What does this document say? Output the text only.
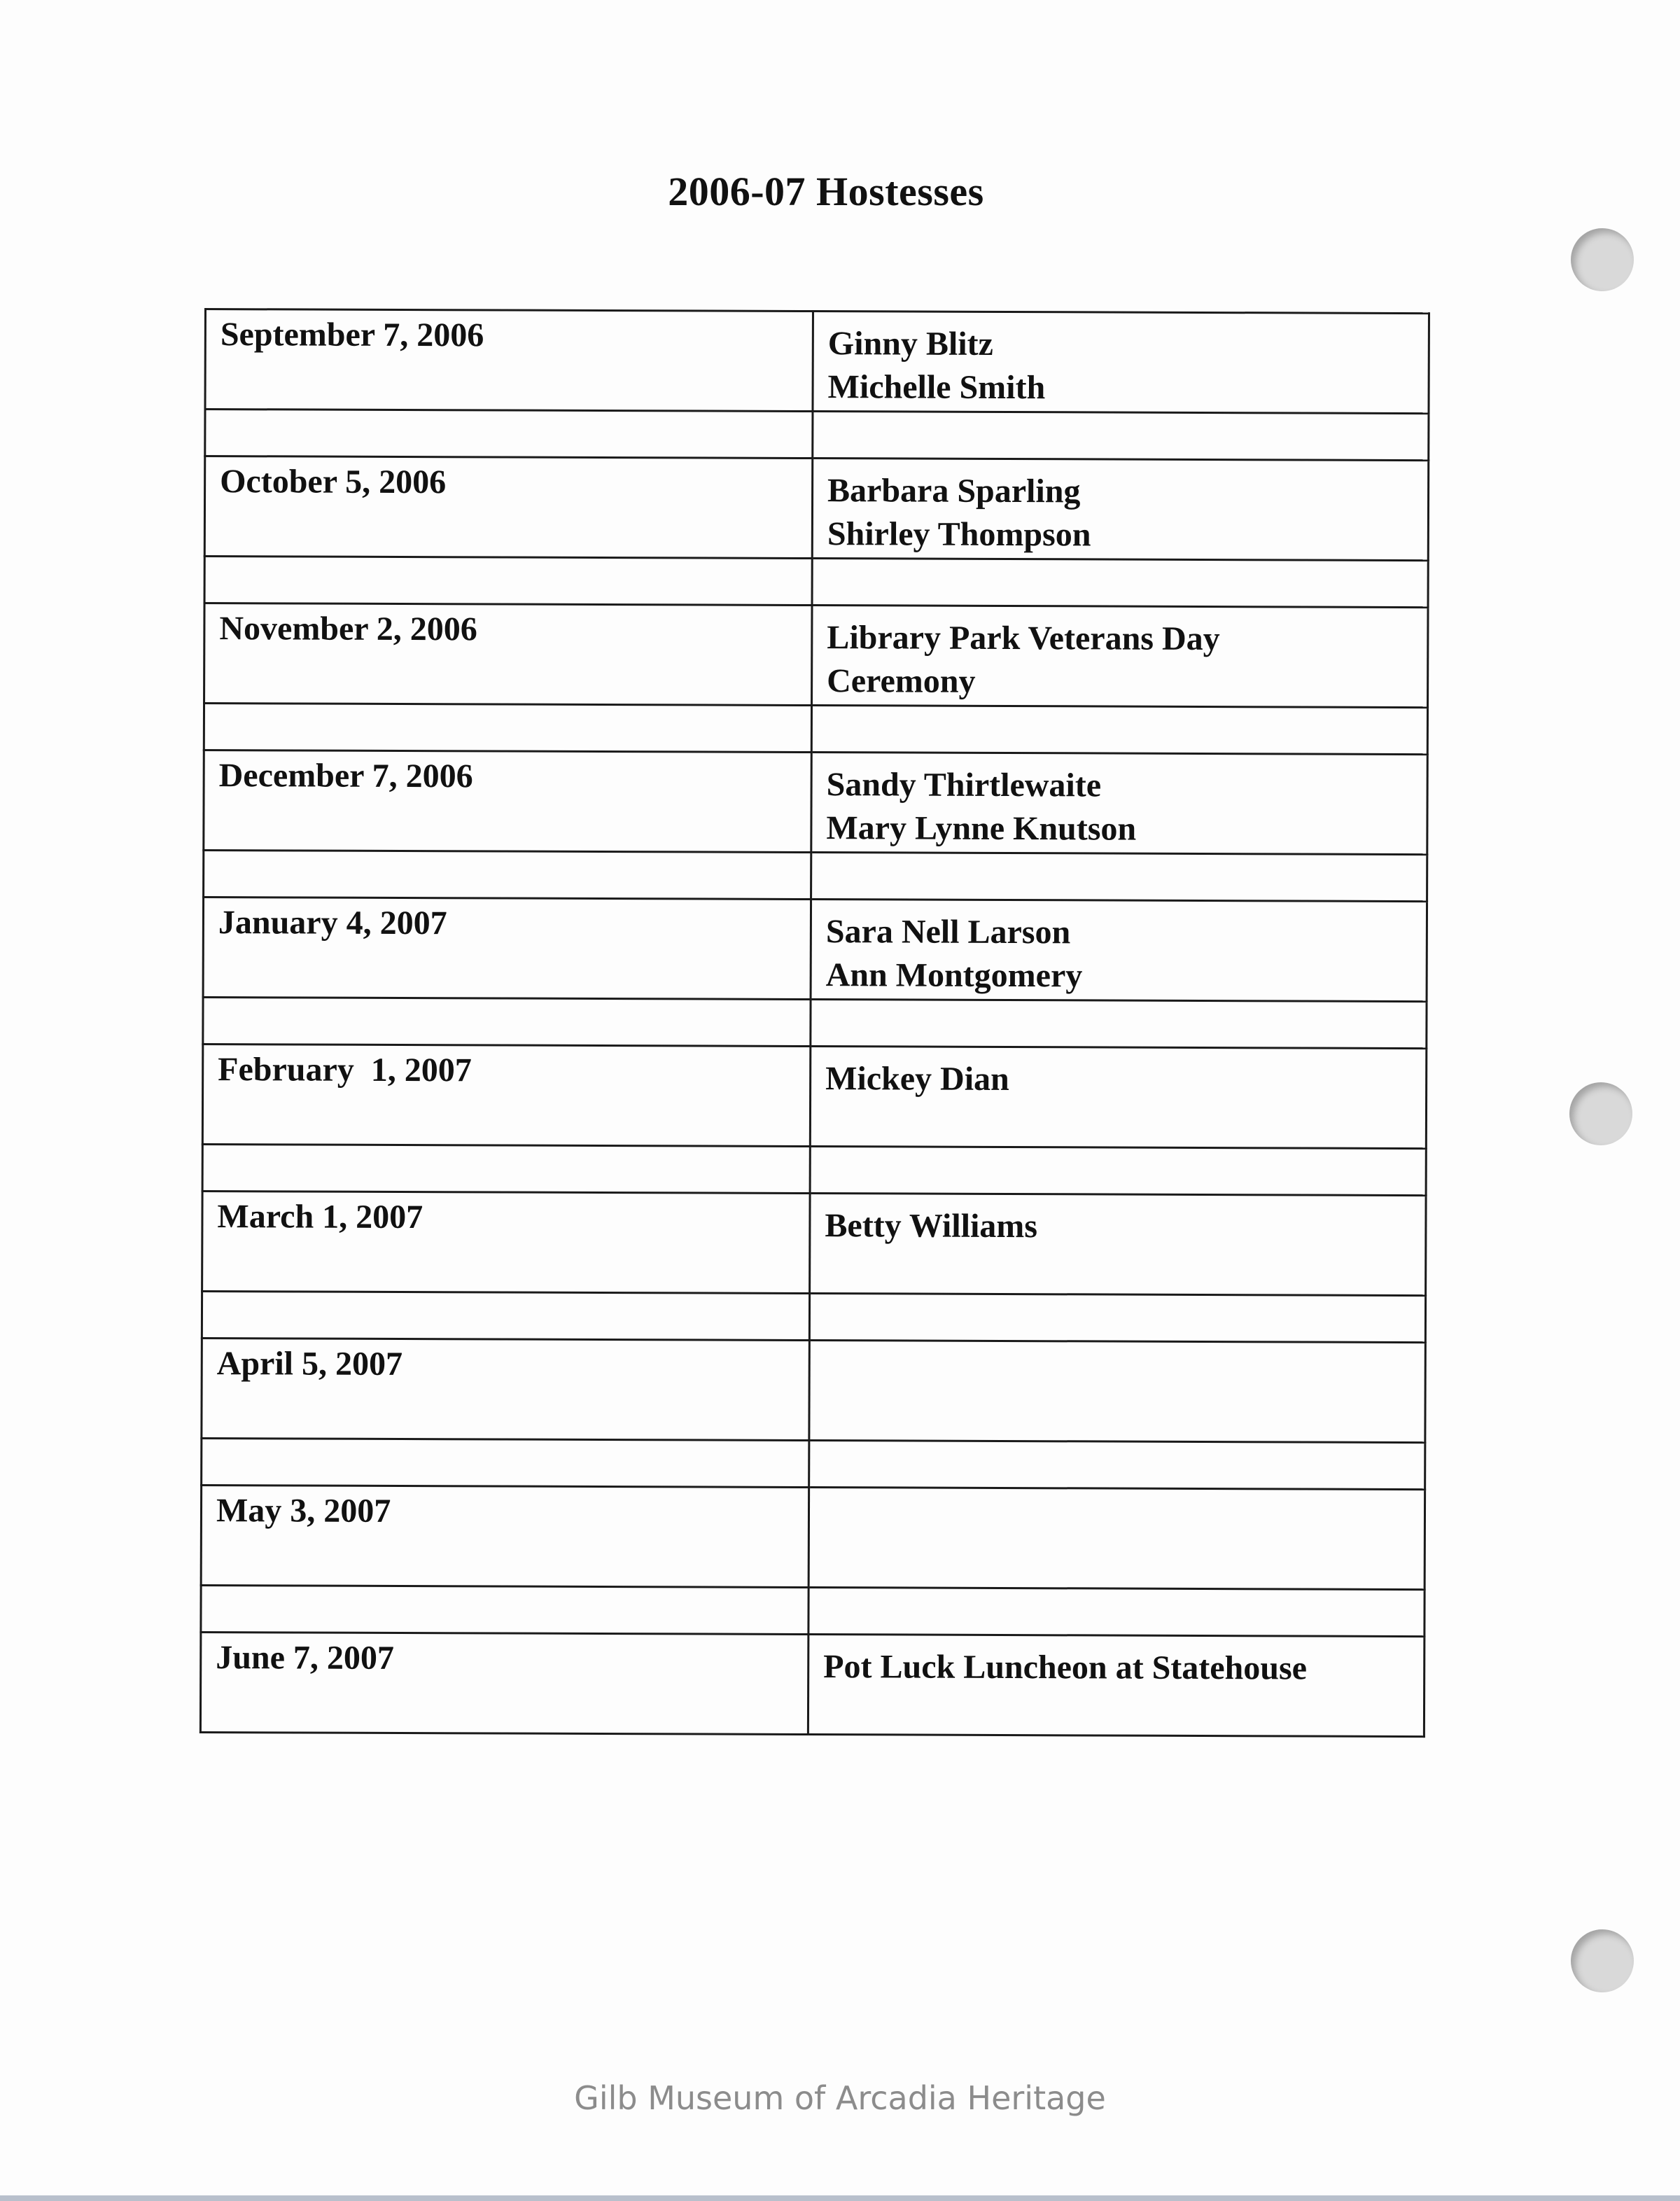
2006-07 Hostesses
September 7, 2006	Ginny Blitz
Michelle Smith

October 5, 2006	Barbara Sparling
Shirley Thompson

November 2, 2006	Library Park Veterans Day
Ceremony

December 7, 2006	Sandy Thirtlewaite
Mary Lynne Knutson

January 4, 2007	Sara Nell Larson
Ann Montgomery

February  1, 2007	Mickey Dian

March 1, 2007	Betty Williams

April 5, 2007	

May 3, 2007	

June 7, 2007	Pot Luck Luncheon at Statehouse
Gilb Museum of Arcadia Heritage
